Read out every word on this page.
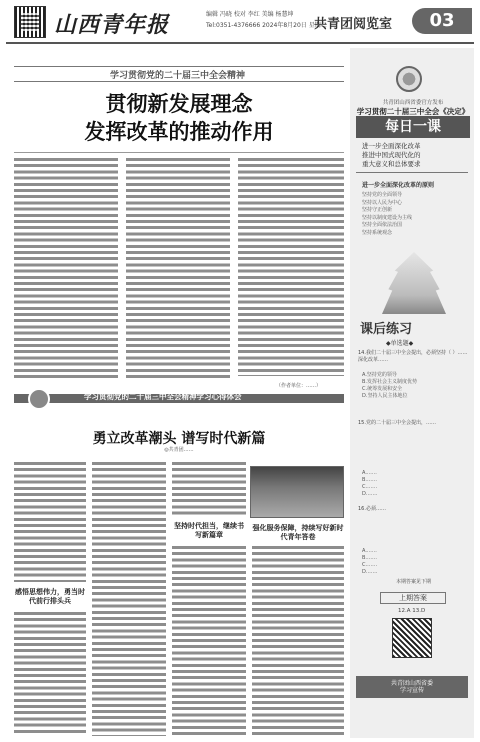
山西青年报	编辑 冯晓 校对 李红 美编 杨慧坤
Tel:0351-4376666 2024年8月20日 星期二
共青团阅览室	03
学习贯彻党的二十届三中全会精神
贯彻新发展理念
发挥改革的推动作用
（作者单位：……）
共青团山西省委官方发布
学习贯彻二十届三中全会《决定》
每日一课
进一步全面深化改革
推进中国式现代化的
重大意义和总体要求
进一步全面深化改革的原则
坚持党的全面领导
坚持以人民为中心
坚持守正创新
坚持以制度建设为主线
坚持全面依法治国
坚持系统观念
课后练习
◆单选题◆
14.我们二十届三中全会提出，必须坚持（ ）……深化改革……
A.坚持党的领导
B.发挥社会主义制度优势
C.统筹发展和安全
D.坚持人民主体地位
15.党的二十届三中全会提出，……
A.……
B.……
C.……
D.……
16.必须……
A.……
B.……
C.……
D.……
本期答案见下期
上期答案
12.A 13.D
共青团山西省委
学习宣传
学习贯彻党的二十届三中全会精神学习心得体会
勇立改革潮头 谱写时代新篇
◎共青团……
感悟思想伟力，勇当时代前行排头兵
坚持时代担当，继续书写新篇章
强化服务保障，持续写好新时代青年答卷
